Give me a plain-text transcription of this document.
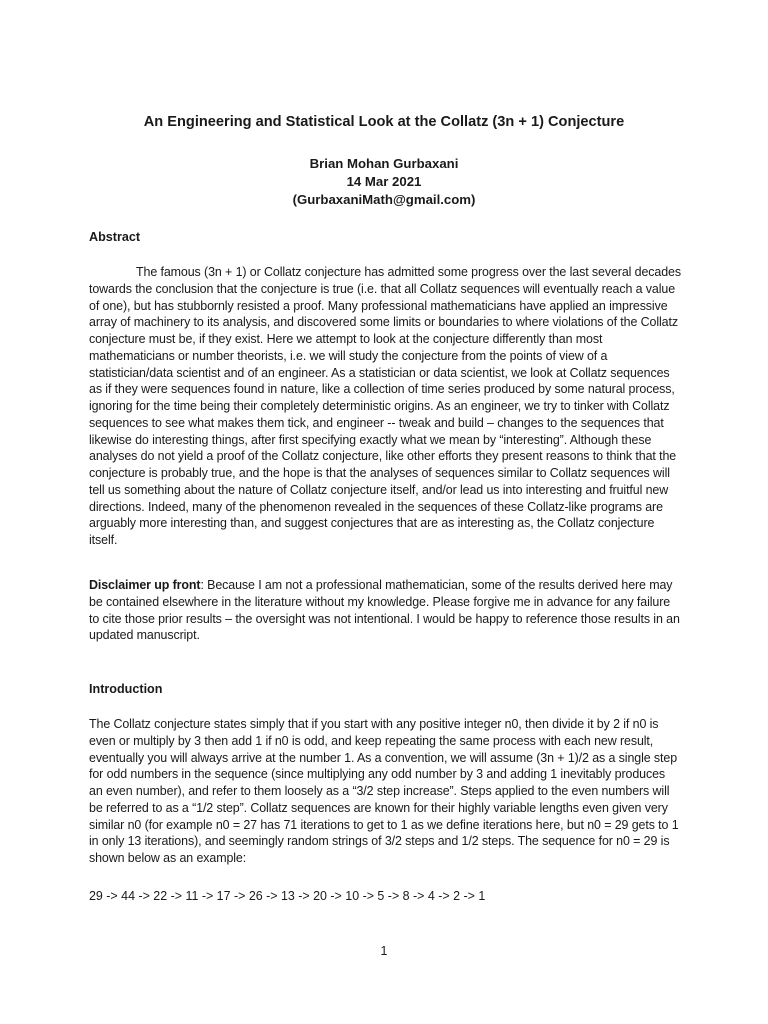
An Engineering and Statistical Look at the Collatz (3n + 1) Conjecture
Brian Mohan Gurbaxani
14 Mar 2021
(GurbaxaniMath@gmail.com)
Abstract

The famous (3n + 1) or Collatz conjecture has admitted some progress over the last several decades towards the conclusion that the conjecture is true (i.e. that all Collatz sequences will eventually reach a value of one), but has stubbornly resisted a proof. Many professional mathematicians have applied an impressive array of machinery to its analysis, and discovered some limits or boundaries to where violations of the Collatz conjecture must be, if they exist. Here we attempt to look at the conjecture differently than most mathematicians or number theorists, i.e. we will study the conjecture from the points of view of a statistician/data scientist and of an engineer. As a statistician or data scientist, we look at Collatz sequences as if they were sequences found in nature, like a collection of time series produced by some natural process, ignoring for the time being their completely deterministic origins. As an engineer, we try to tinker with Collatz sequences to see what makes them tick, and engineer -- tweak and build – changes to the sequences that likewise do interesting things, after first specifying exactly what we mean by “interesting”. Although these analyses do not yield a proof of the Collatz conjecture, like other efforts they present reasons to think that the conjecture is probably true, and the hope is that the analyses of sequences similar to Collatz sequences will tell us something about the nature of Collatz conjecture itself, and/or lead us into interesting and fruitful new directions. Indeed, many of the phenomenon revealed in the sequences of these Collatz-like programs are arguably more interesting than, and suggest conjectures that are as interesting as, the Collatz conjecture itself.

Disclaimer up front: Because I am not a professional mathematician, some of the results derived here may be contained elsewhere in the literature without my knowledge. Please forgive me in advance for any failure to cite those prior results – the oversight was not intentional. I would be happy to reference those results in an updated manuscript.

Introduction

The Collatz conjecture states simply that if you start with any positive integer n0, then divide it by 2 if n0 is even or multiply by 3 then add 1 if n0 is odd, and keep repeating the same process with each new result, eventually you will always arrive at the number 1. As a convention, we will assume (3n + 1)/2 as a single step for odd numbers in the sequence (since multiplying any odd number by 3 and adding 1 inevitably produces an even number), and refer to them loosely as a “3/2 step increase”. Steps applied to the even numbers will be referred to as a “1/2 step”. Collatz sequences are known for their highly variable lengths even given very similar n0 (for example n0 = 27 has 71 iterations to get to 1 as we define iterations here, but n0 = 29 gets to 1 in only 13 iterations), and seemingly random strings of 3/2 steps and 1/2 steps. The sequence for n0 = 29 is shown below as an example:

29 -> 44 -> 22 -> 11 -> 17 -> 26 -> 13 -> 20 -> 10 -> 5 -> 8 -> 4 -> 2 -> 1
1
